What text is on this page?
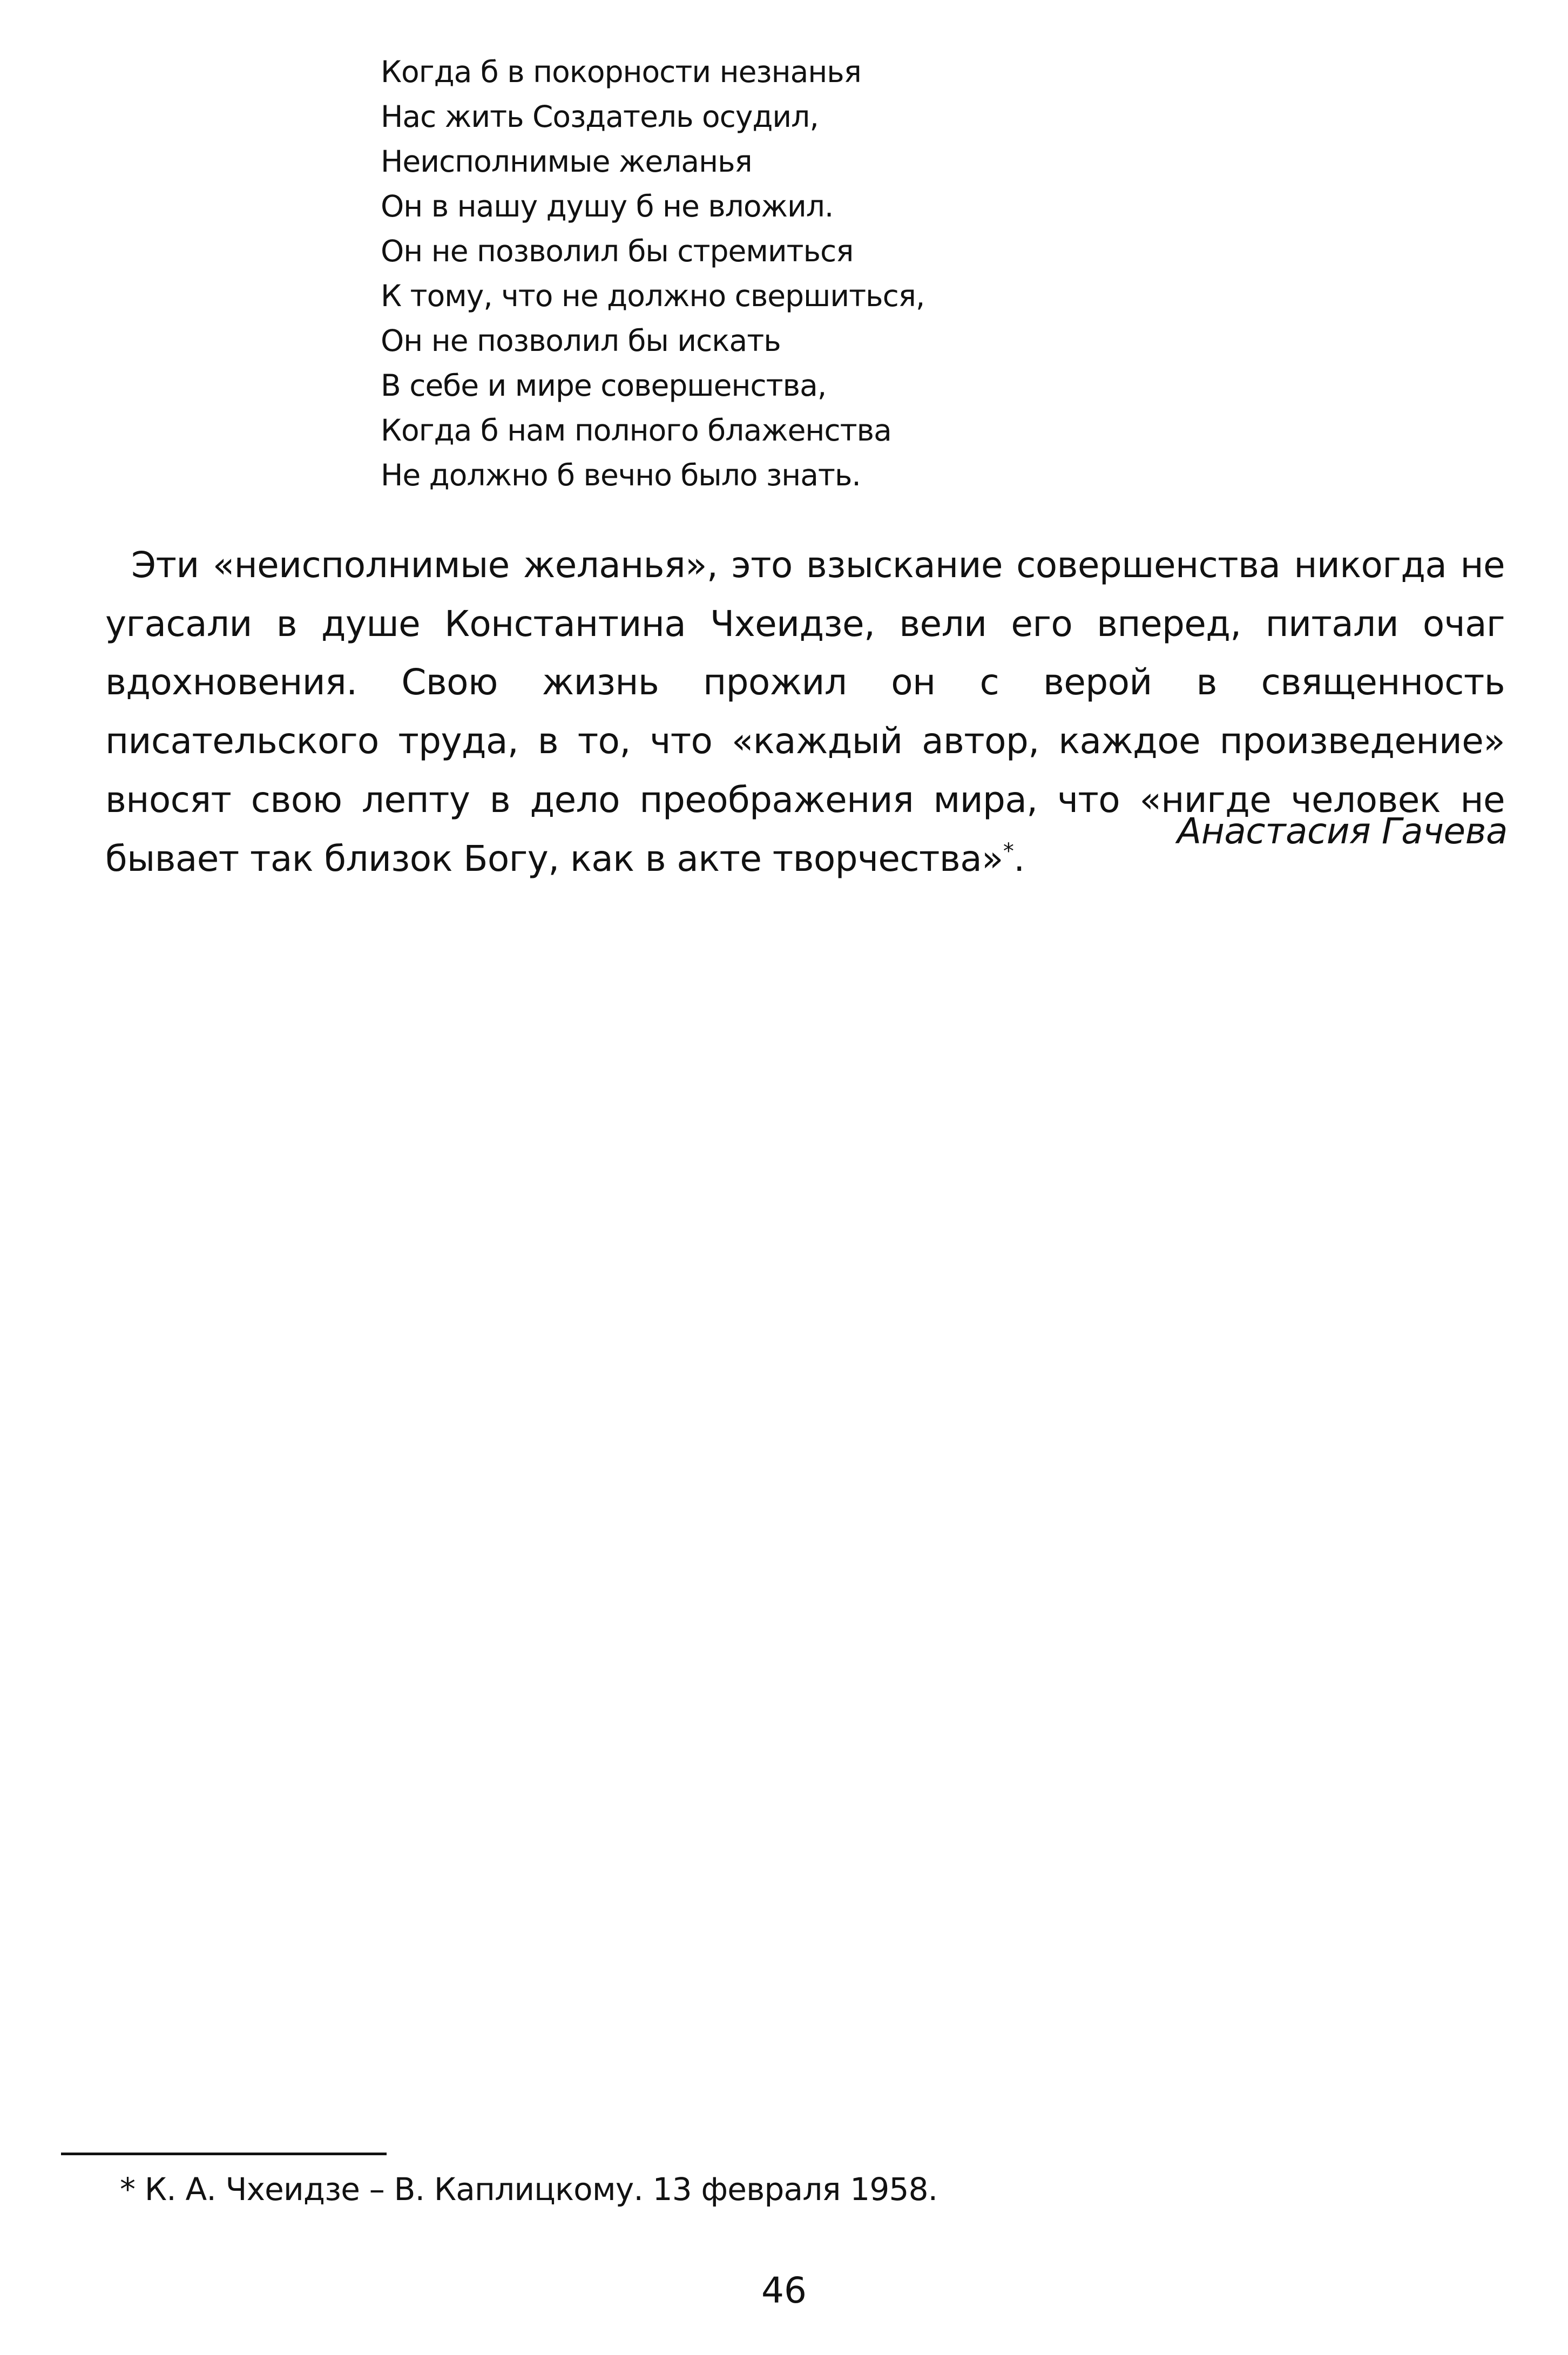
Когда б в покорности незнанья
Нас жить Создатель осудил,
Неисполнимые желанья
Он в нашу душу б не вложил.
Он не позволил бы стремиться
К тому, что не должно свершиться,
Он не позволил бы искать
В себе и мире совершенства,
Когда б нам полного блаженства
Не должно б вечно было знать.

Эти «неисполнимые желанья», это взыскание совершенства никогда не угасали в душе Константина Чхеидзе, вели его вперед, питали очаг вдохновения. Свою жизнь прожил он с верой в священность писательского труда, в то, что «каждый автор, каждое произведение» вносят свою лепту в дело преображения мира, что «нигде человек не бывает так близок Богу, как в акте творчества»*.

Анастасия Гачева
* К. А. Чхеидзе – В. Каплицкому. 13 февраля 1958.
46
